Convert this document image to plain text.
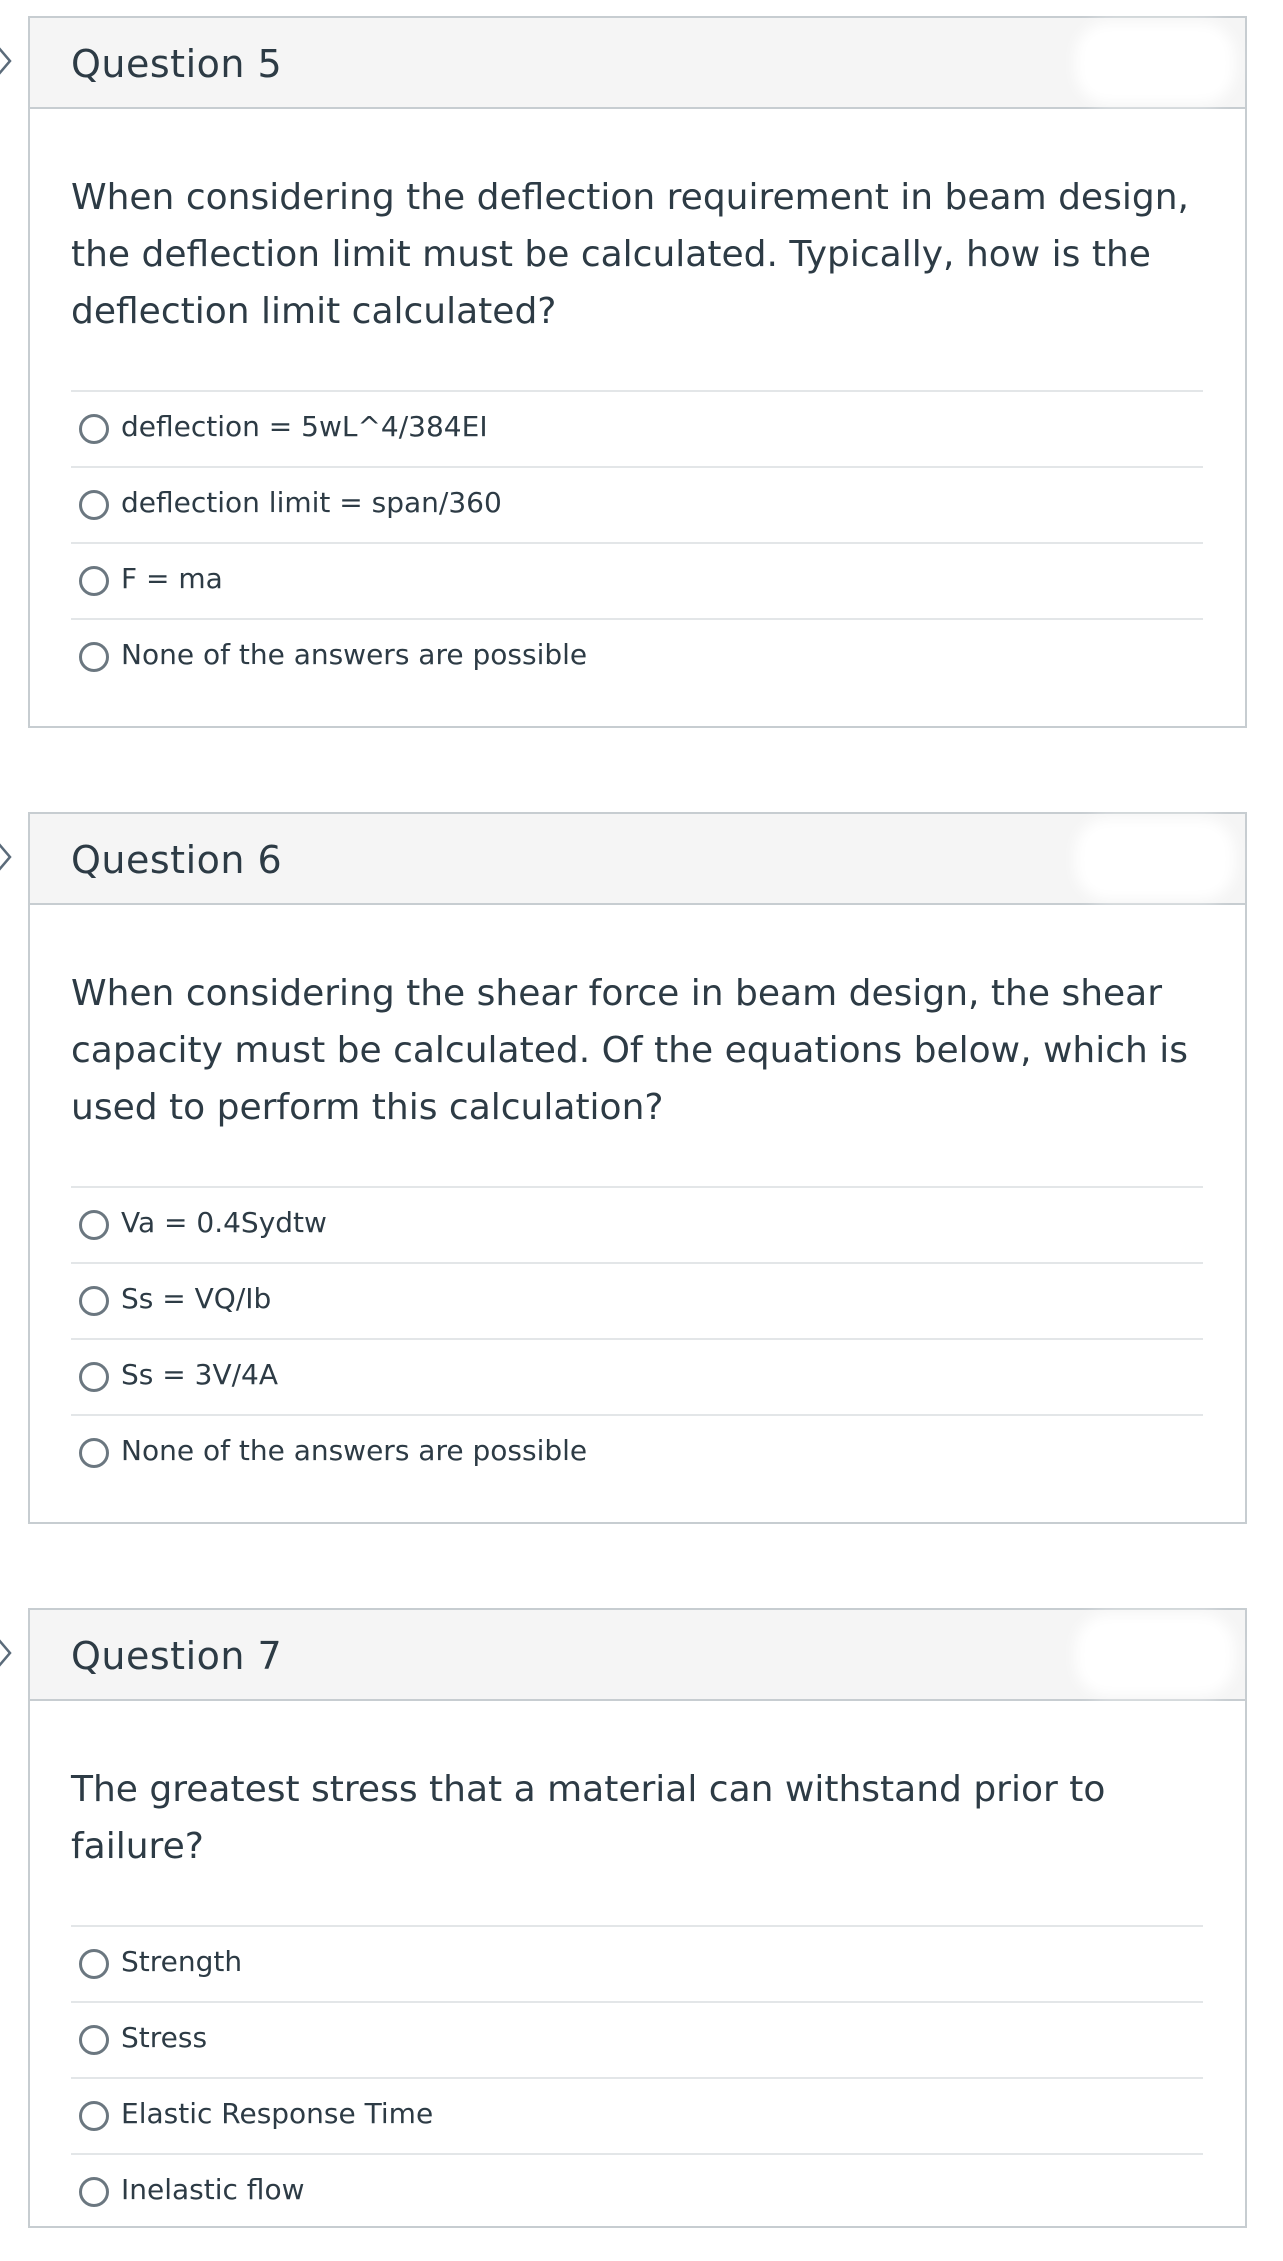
Question 5
When considering the deflection requirement in beam design, the deflection limit must be calculated. Typically, how is the deflection limit calculated?
deflection = 5wL^4/384EI
deflection limit = span/360
F = ma
None of the answers are possible
Question 6
When considering the shear force in beam design, the shear capacity must be calculated. Of the equations below, which is used to perform this calculation?
Va = 0.4Sydtw
Ss = VQ/Ib
Ss = 3V/4A
None of the answers are possible
Question 7
The greatest stress that a material can withstand prior to failure?
Strength
Stress
Elastic Response Time
Inelastic flow
